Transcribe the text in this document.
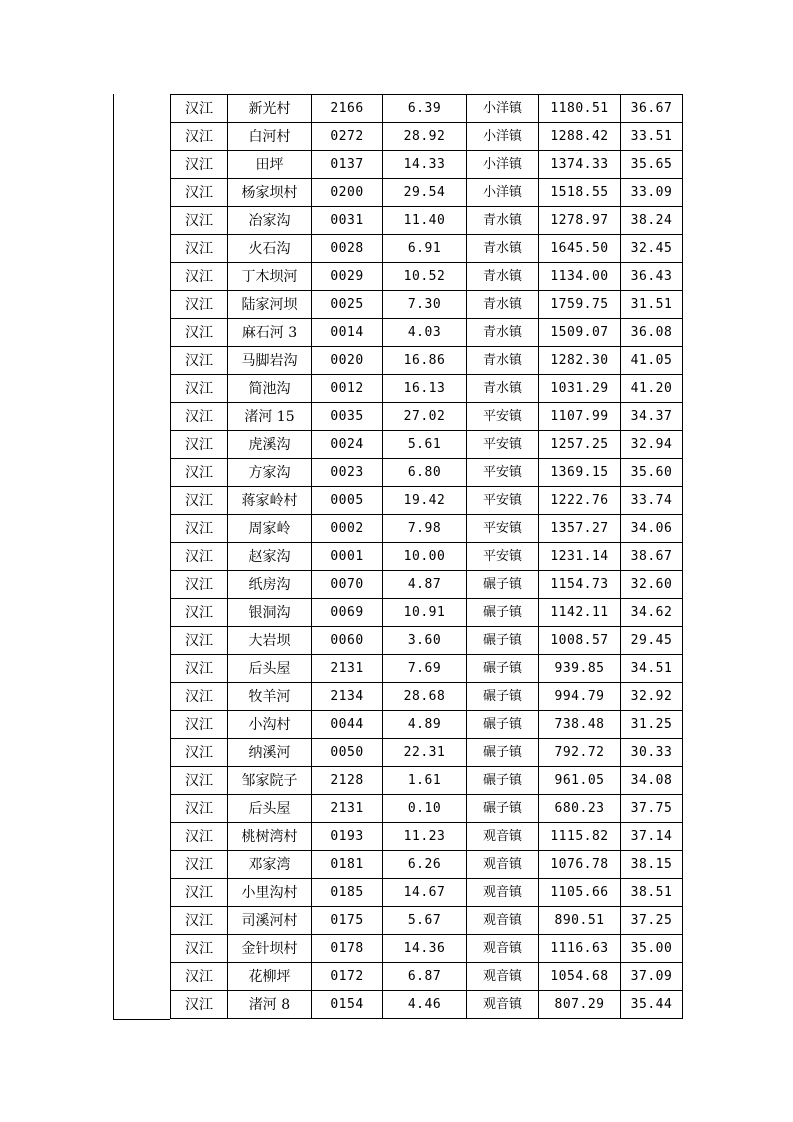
汉江	新光村	2166	6.39	小洋镇	1180.51	36.67
汉江	白河村	0272	28.92	小洋镇	1288.42	33.51
汉江	田坪	0137	14.33	小洋镇	1374.33	35.65
汉江	杨家坝村	0200	29.54	小洋镇	1518.55	33.09
汉江	冶家沟	0031	11.40	青水镇	1278.97	38.24
汉江	火石沟	0028	6.91	青水镇	1645.50	32.45
汉江	丁木坝河	0029	10.52	青水镇	1134.00	36.43
汉江	陆家河坝	0025	7.30	青水镇	1759.75	31.51
汉江	麻石河 3	0014	4.03	青水镇	1509.07	36.08
汉江	马脚岩沟	0020	16.86	青水镇	1282.30	41.05
汉江	简池沟	0012	16.13	青水镇	1031.29	41.20
汉江	渚河 15	0035	27.02	平安镇	1107.99	34.37
汉江	虎溪沟	0024	5.61	平安镇	1257.25	32.94
汉江	方家沟	0023	6.80	平安镇	1369.15	35.60
汉江	蒋家岭村	0005	19.42	平安镇	1222.76	33.74
汉江	周家岭	0002	7.98	平安镇	1357.27	34.06
汉江	赵家沟	0001	10.00	平安镇	1231.14	38.67
汉江	纸房沟	0070	4.87	碾子镇	1154.73	32.60
汉江	银洞沟	0069	10.91	碾子镇	1142.11	34.62
汉江	大岩坝	0060	3.60	碾子镇	1008.57	29.45
汉江	后头屋	2131	7.69	碾子镇	939.85	34.51
汉江	牧羊河	2134	28.68	碾子镇	994.79	32.92
汉江	小沟村	0044	4.89	碾子镇	738.48	31.25
汉江	纳溪河	0050	22.31	碾子镇	792.72	30.33
汉江	邹家院子	2128	1.61	碾子镇	961.05	34.08
汉江	后头屋	2131	0.10	碾子镇	680.23	37.75
汉江	桃树湾村	0193	11.23	观音镇	1115.82	37.14
汉江	邓家湾	0181	6.26	观音镇	1076.78	38.15
汉江	小里沟村	0185	14.67	观音镇	1105.66	38.51
汉江	司溪河村	0175	5.67	观音镇	890.51	37.25
汉江	金针坝村	0178	14.36	观音镇	1116.63	35.00
汉江	花柳坪	0172	6.87	观音镇	1054.68	37.09
汉江	渚河 8	0154	4.46	观音镇	807.29	35.44
